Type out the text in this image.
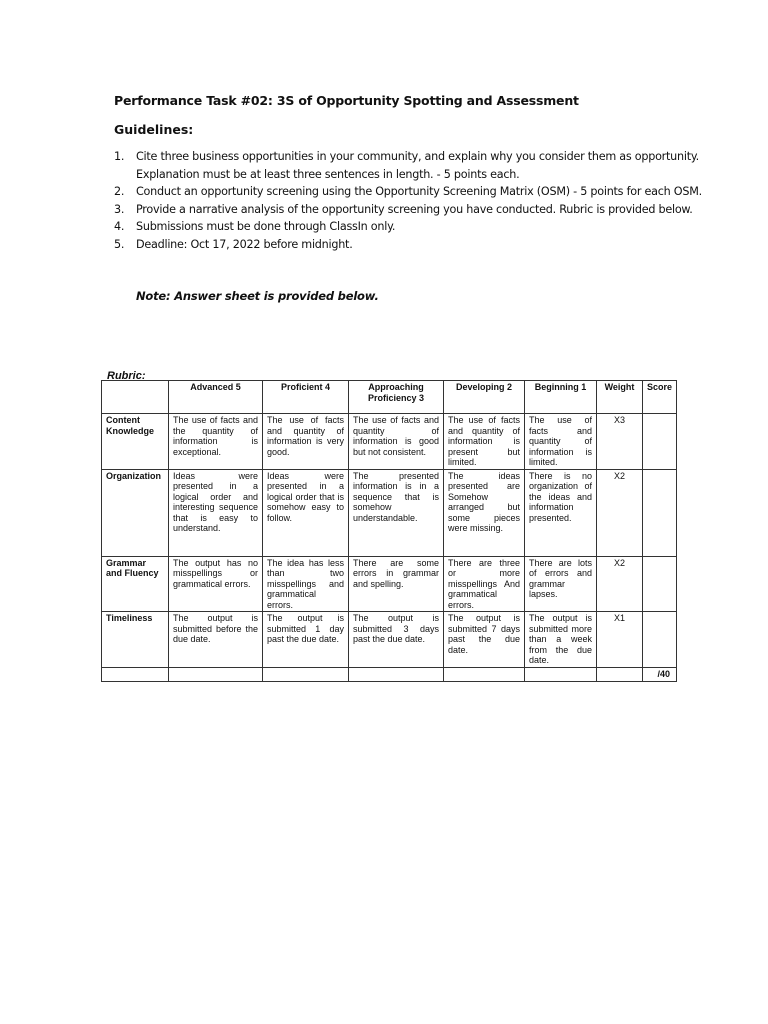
Performance Task #02: 3S of Opportunity Spotting and Assessment
Guidelines:
1.	Cite three business opportunities in your community, and explain why you consider them as opportunity. Explanation must be at least three sentences in length. - 5 points each.
2.	Conduct an opportunity screening using the Opportunity Screening Matrix (OSM) - 5 points for each OSM.
3.	Provide a narrative analysis of the opportunity screening you have conducted. Rubric is provided below.
4.	Submissions must be done through ClassIn only.
5.	Deadline: Oct 17, 2022 before midnight.
Note: Answer sheet is provided below.
Rubric:
	Advanced 5	Proficient 4	Approaching Proficiency 3	Developing 2	Beginning 1	Weight	Score
Content Knowledge	The use of facts and the quantity of information is exceptional.	The use of facts and quantity of information is very good.	The use of facts and quantity of information is good but not consistent.	The use of facts and quantity of information is present but limited.	The use of facts and quantity of information is limited.	X3	
Organization	Ideas were presented in a logical order and interesting sequence that is easy to understand.	Ideas were presented in a logical order that is somehow easy to follow.	The presented information is in a sequence that is somehow understandable.	The ideas presented are Somehow arranged but some pieces were missing.	There is no organization of the ideas and information presented.	X2	
Grammar and Fluency	The output has no misspellings or grammatical errors.	The idea has less than two misspellings and grammatical errors.	There are some errors in grammar and spelling.	There are three or more misspellings And grammatical errors.	There are lots of errors and grammar lapses.	X2	
Timeliness	The output is submitted before the due date.	The output is submitted 1 day past the due date.	The output is submitted 3 days past the due date.	The output is submitted 7 days past the due date.	The output is submitted more than a week from the due date.	X1	
							/40
